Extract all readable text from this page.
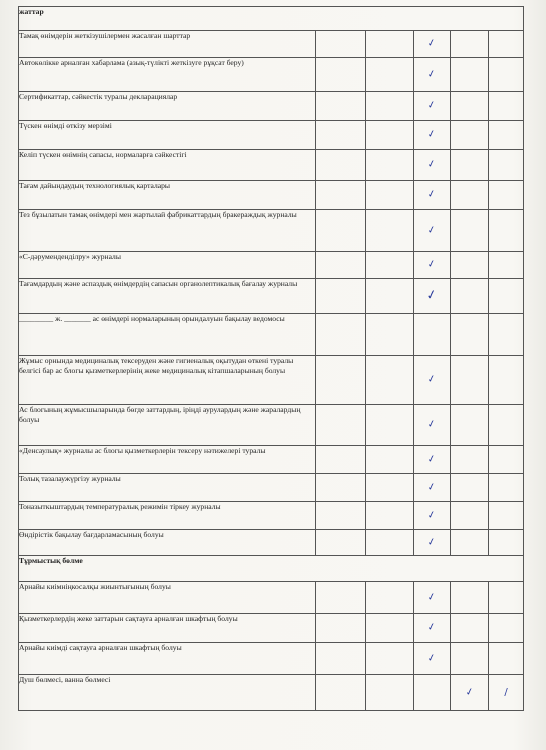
жаттар					
Тамақ өнімдерін жеткізушілермен жасалған шарттар			✓		

Автокөлікке арналған хабарлама (азық-түлікті жеткізуге рұқсат беру)			✓		

Сертификаттар, сәйкестік туралы декларациялар			✓		

Түскен өнімді өткізу мерзімі			✓		

Келіп түскен өнімнің сапасы, нормаларға сәйкестігі			✓		

Тағам дайындаудың технологиялық карталары			✓		

Тез бұзылатын тамақ өнімдері мен жартылай фабрикаттардың бракераждық журналы			✓		

«С-дәруменденділру» журналы			✓		

Тағамдардың және аспаздық өнімдердің сапасын органолептикалық бағалау журналы			✓		

_________ ж. _______ ас өнімдері нормаларының орындалуын бақылау ведомосы					
Жұмыс орнында медициналық тексеруден және гигиеналық оқытудан өткені туралы белгісі бар ас блогы қызметкерлерінің жеке медициналық кітапшаларының болуы			✓		

Ас блогының жұмысшыларында бөгде заттардың, іріңді аурулардың және жаралардың болуы			✓		

«Денсаулық» журналы ас блогы қызметкерлерін тексеру нәтижелері туралы			✓		

Толық тазалаужүргізу журналы			✓		

Тоназыткыштардың температуралық режимін тіркеу журналы			✓		

Өндірістік бақылау бағдарламасының болуы			✓		

Тұрмыстық бөлме					
Арнайы киімніңкосалқы жиынтығының болуы			✓		

Қызметкерлердің жеке заттарын сақтауға арналған шкафтың болуы			✓		

Арнайы киімді сақтауға арналған шкафтың болуы			✓		

Душ бөлмесі, ванна бөлмесі				✓	/
